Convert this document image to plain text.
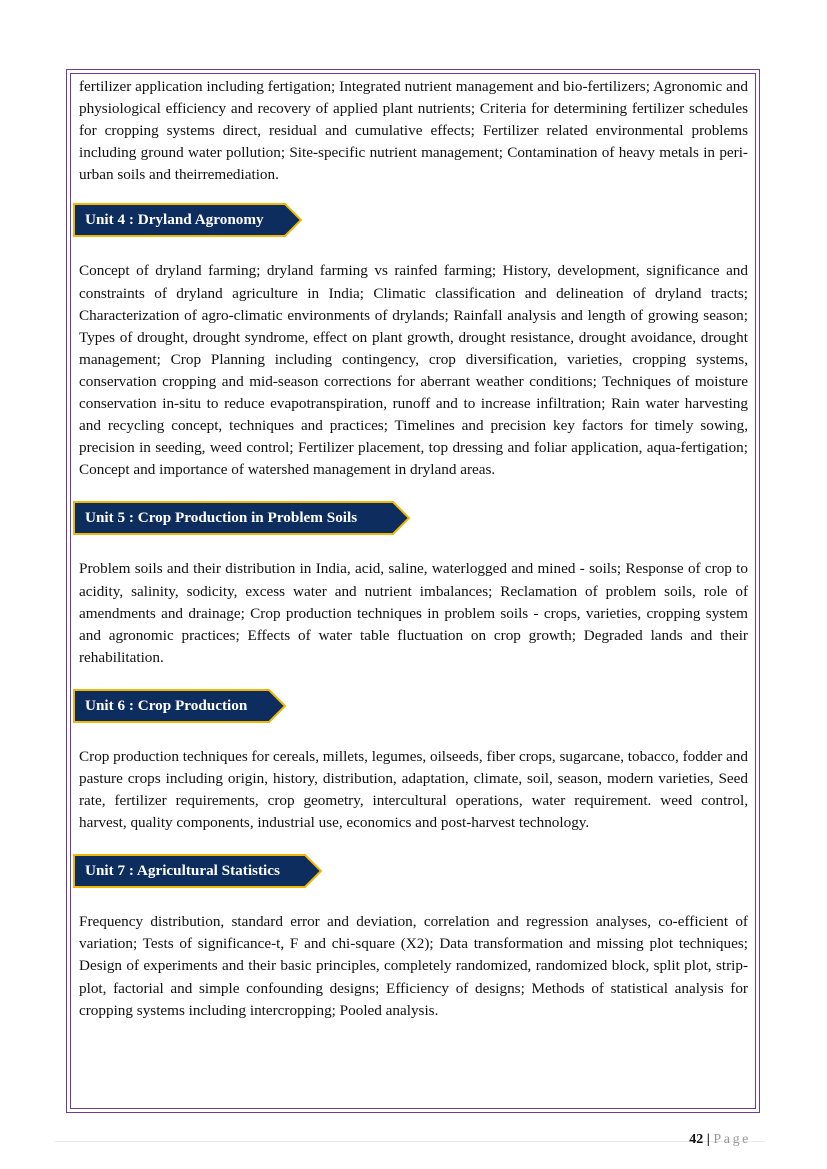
fertilizer application including fertigation; Integrated nutrient management and bio-fertilizers; Agronomic and physiological efficiency and recovery of applied plant nutrients; Criteria for determining fertilizer schedules for cropping systems direct, residual and cumulative effects; Fertilizer related environmental problems including ground water pollution; Site-specific nutrient management; Contamination of heavy metals in peri-urban soils and theirremediation.

Unit 4 : Dryland Agronomy

Concept of dryland farming; dryland farming vs rainfed farming; History, development, significance and constraints of dryland agriculture in India; Climatic classification and delineation of dryland tracts; Characterization of agro-climatic environments of drylands; Rainfall analysis and length of growing season; Types of drought, drought syndrome, effect on plant growth, drought resistance, drought avoidance, drought management; Crop Planning including contingency, crop diversification, varieties, cropping systems, conservation cropping and mid-season corrections for aberrant weather conditions; Techniques of moisture conservation in-situ to reduce evapotranspiration, runoff and to increase infiltration; Rain water harvesting and recycling concept, techniques and practices; Timelines and precision key factors for timely sowing, precision in seeding, weed control; Fertilizer placement, top dressing and foliar application, aqua-fertigation; Concept and importance of watershed management in dryland areas.

Unit 5 : Crop Production in Problem Soils

Problem soils and their distribution in India, acid, saline, waterlogged and mined - soils; Response of crop to acidity, salinity, sodicity, excess water and nutrient imbalances; Reclamation of problem soils, role of amendments and drainage; Crop production techniques in problem soils - crops, varieties, cropping system and agronomic practices; Effects of water table fluctuation on crop growth; Degraded lands and their rehabilitation.

Unit 6 : Crop Production

Crop production techniques for cereals, millets, legumes, oilseeds, fiber crops, sugarcane, tobacco, fodder and pasture crops including origin, history, distribution, adaptation, climate, soil, season, modern varieties, Seed rate, fertilizer requirements, crop geometry, intercultural operations, water requirement. weed control, harvest, quality components, industrial use, economics and post-harvest technology.

Unit 7 : Agricultural Statistics

Frequency distribution, standard error and deviation, correlation and regression analyses, co-efficient of variation; Tests of significance-t, F and chi-square (X2); Data transformation and missing plot techniques; Design of experiments and their basic principles, completely randomized, randomized block, split plot, strip-plot, factorial and simple confounding designs; Efficiency of designs; Methods of statistical analysis for cropping systems including intercropping; Pooled analysis.

42 | Page
